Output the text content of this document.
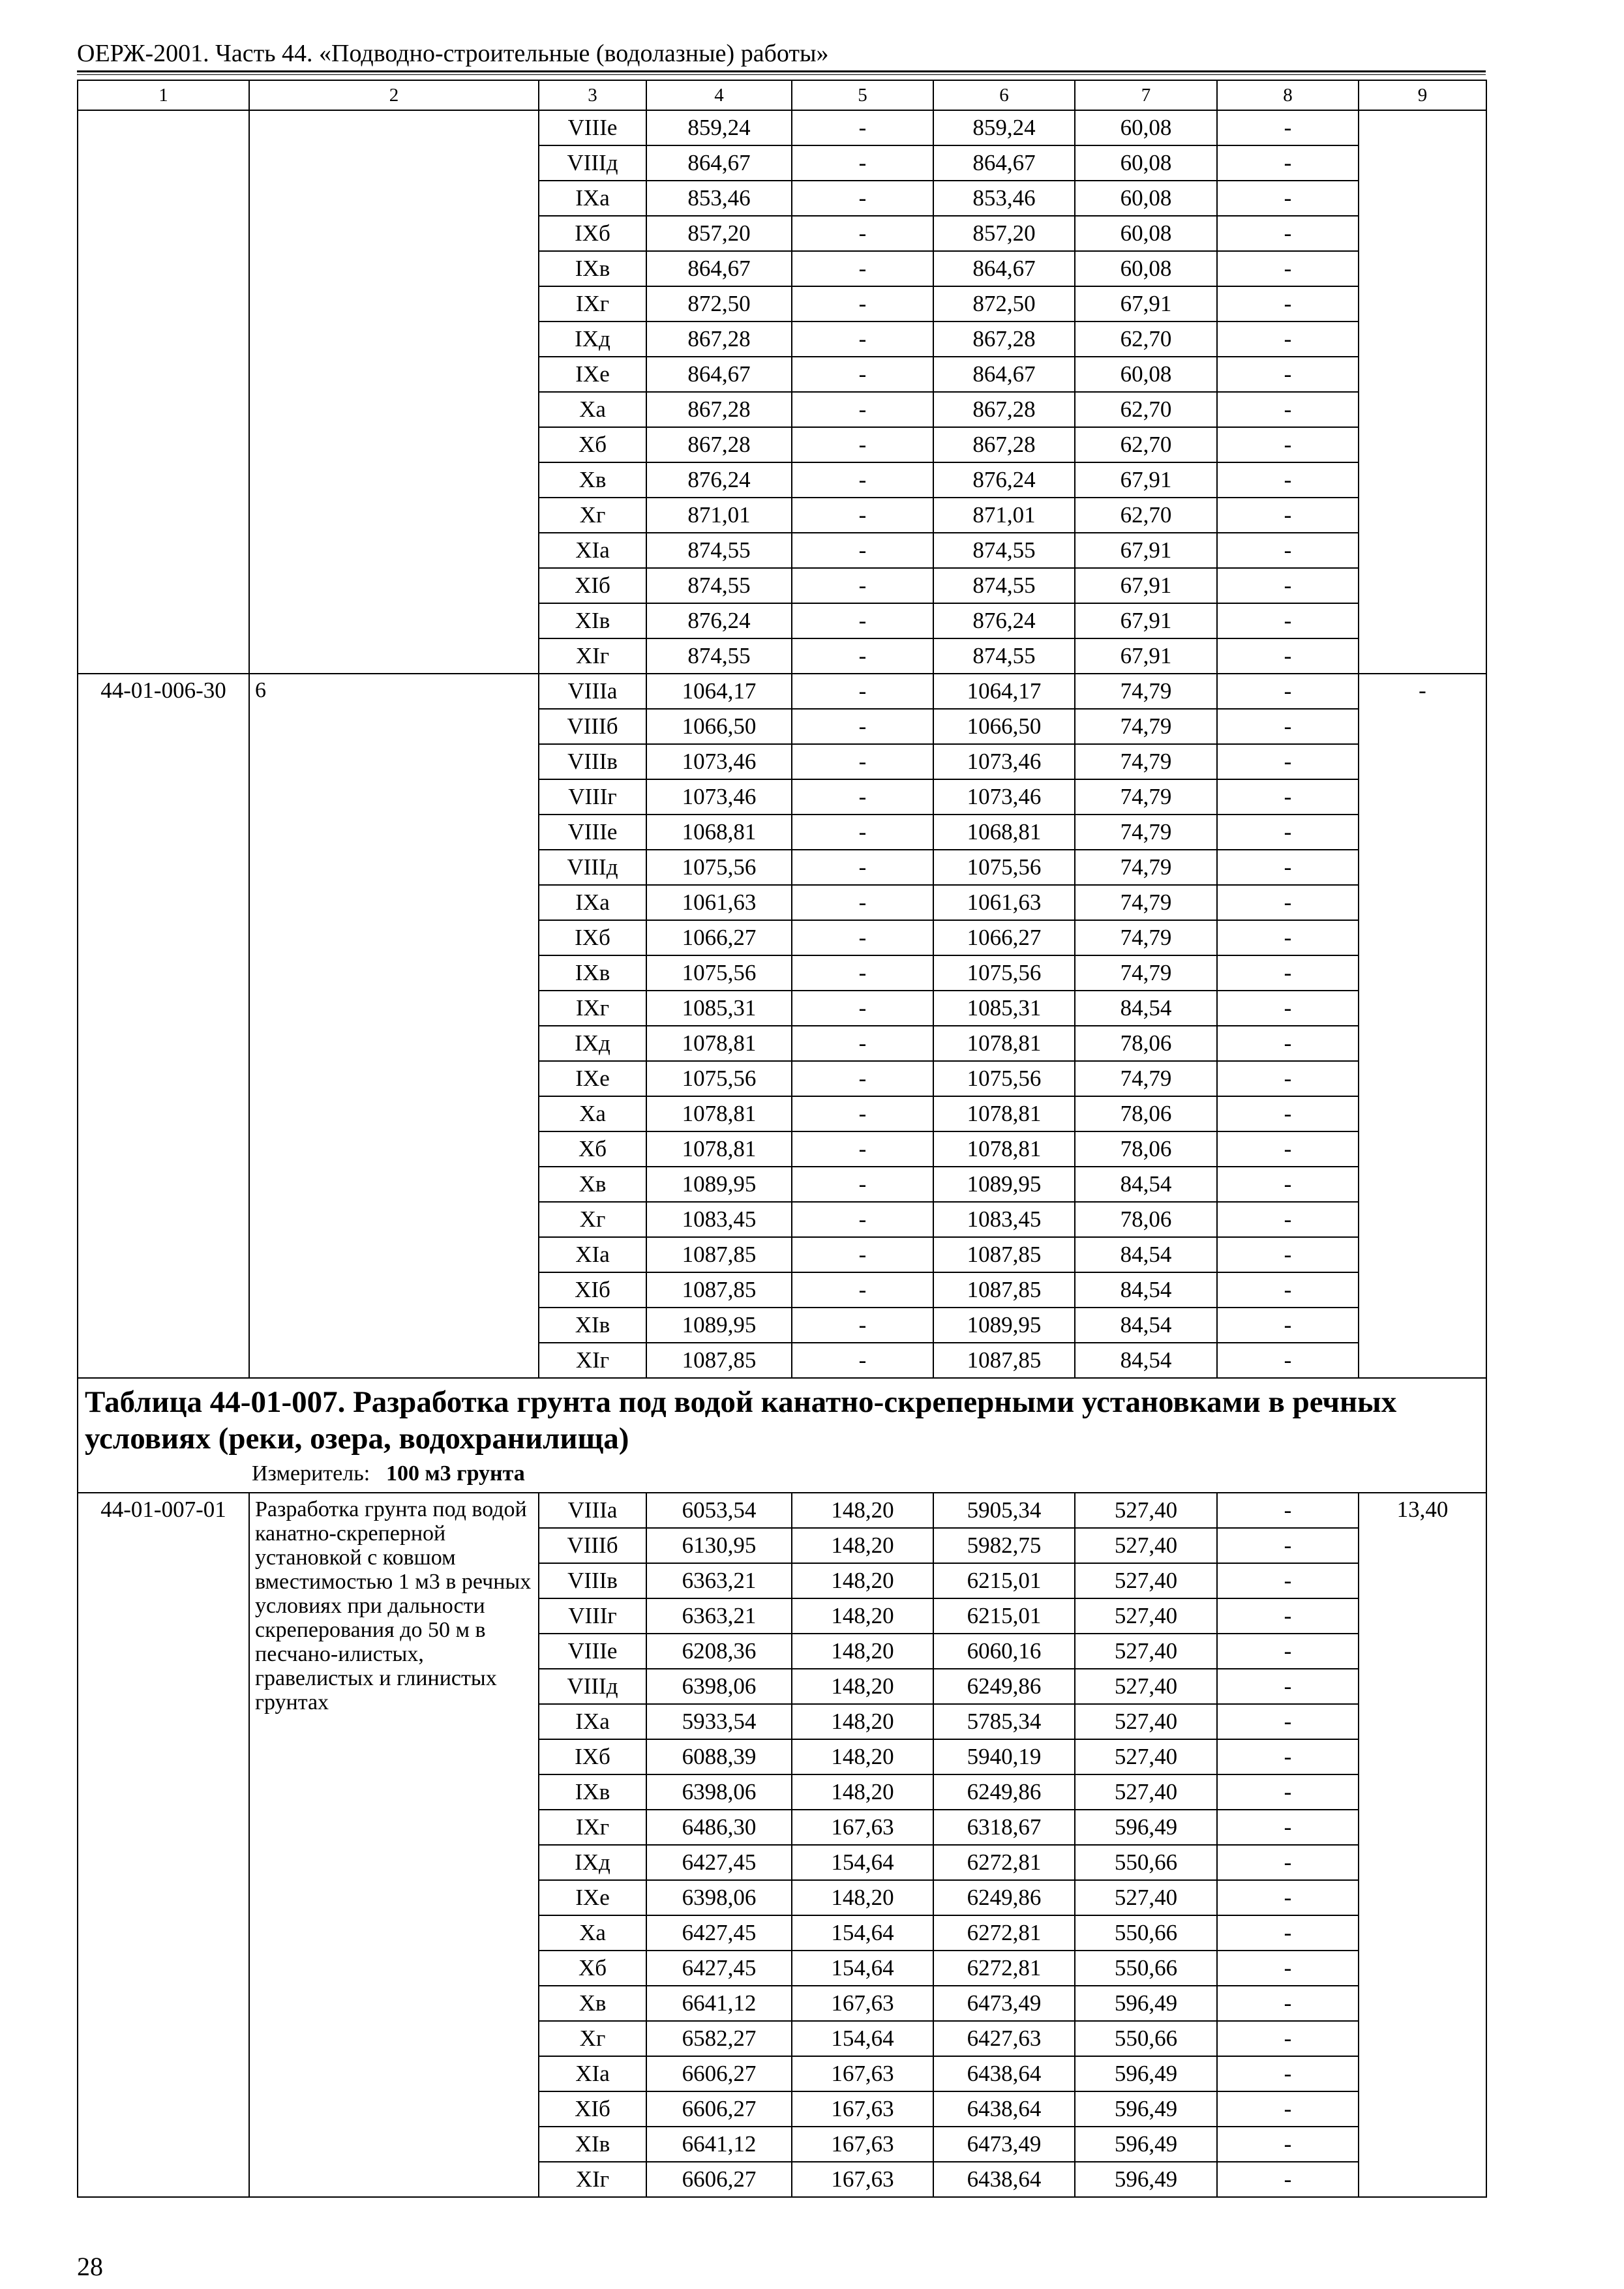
ОЕРЖ-2001. Часть 44. «Подводно-строительные (водолазные) работы»
1	2	3	4	5	6	7	8	9
		VIIIе	859,24	-	859,24	60,08	-	
		VIIIд	864,67	-	864,67	60,08	-	
		IXа	853,46	-	853,46	60,08	-	
		IXб	857,20	-	857,20	60,08	-	
		IXв	864,67	-	864,67	60,08	-	
		IXг	872,50	-	872,50	67,91	-	
		IXд	867,28	-	867,28	62,70	-	
		IXе	864,67	-	864,67	60,08	-	
		Xа	867,28	-	867,28	62,70	-	
		Xб	867,28	-	867,28	62,70	-	
		Xв	876,24	-	876,24	67,91	-	
		Xг	871,01	-	871,01	62,70	-	
		XIа	874,55	-	874,55	67,91	-	
		XIб	874,55	-	874,55	67,91	-	
		XIв	876,24	-	876,24	67,91	-	
		XIг	874,55	-	874,55	67,91	-	
44-01-006-30	6	VIIIа	1064,17	-	1064,17	74,79	-	-
		VIIIб	1066,50	-	1066,50	74,79	-	
		VIIIв	1073,46	-	1073,46	74,79	-	
		VIIIг	1073,46	-	1073,46	74,79	-	
		VIIIе	1068,81	-	1068,81	74,79	-	
		VIIIд	1075,56	-	1075,56	74,79	-	
		IXа	1061,63	-	1061,63	74,79	-	
		IXб	1066,27	-	1066,27	74,79	-	
		IXв	1075,56	-	1075,56	74,79	-	
		IXг	1085,31	-	1085,31	84,54	-	
		IXд	1078,81	-	1078,81	78,06	-	
		IXе	1075,56	-	1075,56	74,79	-	
		Xа	1078,81	-	1078,81	78,06	-	
		Xб	1078,81	-	1078,81	78,06	-	
		Xв	1089,95	-	1089,95	84,54	-	
		Xг	1083,45	-	1083,45	78,06	-	
		XIа	1087,85	-	1087,85	84,54	-	
		XIб	1087,85	-	1087,85	84,54	-	
		XIв	1089,95	-	1089,95	84,54	-	
		XIг	1087,85	-	1087,85	84,54	-	

Таблица 44-01-007. Разработка грунта под водой канатно-скреперными установками в речных условиях (реки, озера, водохранилища)
Измеритель: 100 м3 грунта								

44-01-007-01	Разработка грунта под водой канатно-скреперной установкой с ковшом вместимостью 1 м3 в речных условиях при дальности скреперования до 50 м в песчано-илистых, гравелистых и глинистых грунтах	VIIIа	6053,54	148,20	5905,34	527,40	-	13,40
		VIIIб	6130,95	148,20	5982,75	527,40	-	
		VIIIв	6363,21	148,20	6215,01	527,40	-	
		VIIIг	6363,21	148,20	6215,01	527,40	-	
		VIIIе	6208,36	148,20	6060,16	527,40	-	
		VIIIд	6398,06	148,20	6249,86	527,40	-	
		IXа	5933,54	148,20	5785,34	527,40	-	
		IXб	6088,39	148,20	5940,19	527,40	-	
		IXв	6398,06	148,20	6249,86	527,40	-	
		IXг	6486,30	167,63	6318,67	596,49	-	
		IXд	6427,45	154,64	6272,81	550,66	-	
		IXе	6398,06	148,20	6249,86	527,40	-	
		Xа	6427,45	154,64	6272,81	550,66	-	
		Xб	6427,45	154,64	6272,81	550,66	-	
		Xв	6641,12	167,63	6473,49	596,49	-	
		Xг	6582,27	154,64	6427,63	550,66	-	
		XIа	6606,27	167,63	6438,64	596,49	-	
		XIб	6606,27	167,63	6438,64	596,49	-	
		XIв	6641,12	167,63	6473,49	596,49	-	
		XIг	6606,27	167,63	6438,64	596,49	-	
28
